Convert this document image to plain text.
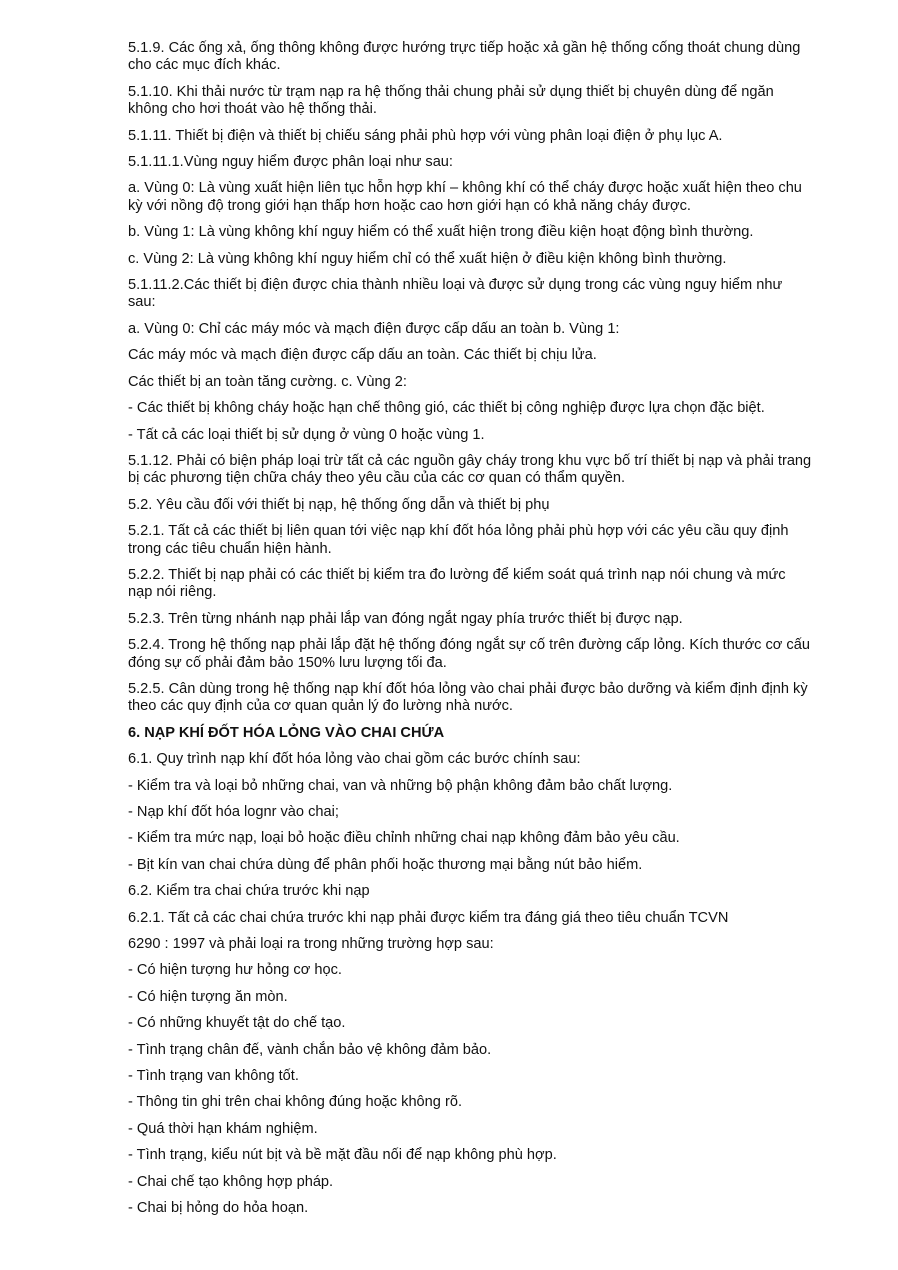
5.1.9. Các ống xả, ống thông không được hướng trực tiếp hoặc xả gần hệ thống cống thoát chung dùng cho các mục đích khác.

5.1.10. Khi thải nước từ trạm nạp ra hệ thống thải chung phải sử dụng thiết bị chuyên dùng để ngăn không cho hơi thoát vào hệ thống thải.

5.1.11. Thiết bị điện và thiết bị chiếu sáng phải phù hợp với vùng phân loại điện ở phụ lục A.

5.1.11.1.Vùng nguy hiểm được phân loại như sau:

a. Vùng 0: Là vùng xuất hiện liên tục hỗn hợp khí – không khí có thể cháy được hoặc xuất hiện theo chu kỳ với nồng độ trong giới hạn thấp hơn hoặc cao hơn giới hạn có khả năng cháy được.

b. Vùng 1: Là vùng không khí nguy hiểm có thể xuất hiện trong điều kiện hoạt động bình thường.

c. Vùng 2: Là vùng không khí nguy hiểm chỉ có thể xuất hiện ở điều kiện không bình thường.

5.1.11.2.Các thiết bị điện được chia thành nhiều loại và được sử dụng trong các vùng nguy hiểm như sau:

a. Vùng 0: Chỉ các máy móc và mạch điện được cấp dấu an toàn b. Vùng 1:

Các máy móc và mạch điện được cấp dấu an toàn. Các thiết bị chịu lửa.

Các thiết bị an toàn tăng cường. c. Vùng 2:

- Các thiết bị không cháy hoặc hạn chế thông gió, các thiết bị công nghiệp được lựa chọn đặc biệt.

- Tất cả các loại thiết bị sử dụng ở vùng 0 hoặc vùng 1.

5.1.12. Phải có biện pháp loại trừ tất cả các nguồn gây cháy trong khu vực bố trí thiết bị nạp và phải trang bị các phương tiện chữa cháy theo yêu cầu của các cơ quan có thẩm quyền.

5.2. Yêu cầu đối với thiết bị nạp, hệ thống ống dẫn và thiết bị phụ

5.2.1. Tất cả các thiết bị liên quan tới việc nạp khí đốt hóa lỏng phải phù hợp với các yêu cầu quy định trong các tiêu chuẩn hiện hành.

5.2.2. Thiết bị nạp phải có các thiết bị kiểm tra đo lường để kiểm soát quá trình nạp nói chung và mức nạp nói riêng.

5.2.3. Trên từng nhánh nạp phải lắp van đóng ngắt ngay phía trước thiết bị được nạp.

5.2.4. Trong hệ thống nạp phải lắp đặt hệ thống đóng ngắt sự cố trên đường cấp lỏng. Kích thước cơ cấu đóng sự cố phải đảm bảo 150% lưu lượng tối đa.

5.2.5. Cân dùng trong hệ thống nạp khí đốt hóa lỏng vào chai phải được bảo dưỡng và kiểm định định kỳ theo các quy định của cơ quan quản lý đo lường nhà nước.

6. NẠP KHÍ ĐỐT HÓA LỎNG VÀO CHAI CHỨA

6.1. Quy trình nạp khí đốt hóa lỏng vào chai gồm các bước chính sau:

- Kiểm tra và loại bỏ những chai, van và những bộ phận không đảm bảo chất lượng.

- Nạp khí đốt hóa lognr vào chai;

- Kiểm tra mức nạp, loại bỏ hoặc điều chỉnh những chai nạp không đảm bảo yêu cầu.

- Bịt kín van chai chứa dùng để phân phối hoặc thương mại bằng nút bảo hiểm.

6.2. Kiểm tra chai chứa trước khi nạp

6.2.1. Tất cả các chai chứa trước khi nạp phải được kiểm tra đáng giá theo tiêu chuẩn TCVN

6290 : 1997 và phải loại ra trong những trường hợp sau:

- Có hiện tượng hư hỏng cơ học.

- Có hiện tượng ăn mòn.

- Có những khuyết tật do chế tạo.

- Tình trạng chân đế, vành chắn bảo vệ không đảm bảo.

- Tình trạng van không tốt.

- Thông tin ghi trên chai không đúng hoặc không rõ.

- Quá thời hạn khám nghiệm.

- Tình trạng, kiểu nút bịt và bề mặt đầu nối để nạp không phù hợp.

- Chai chế tạo không hợp pháp.

- Chai bị hỏng do hỏa hoạn.
